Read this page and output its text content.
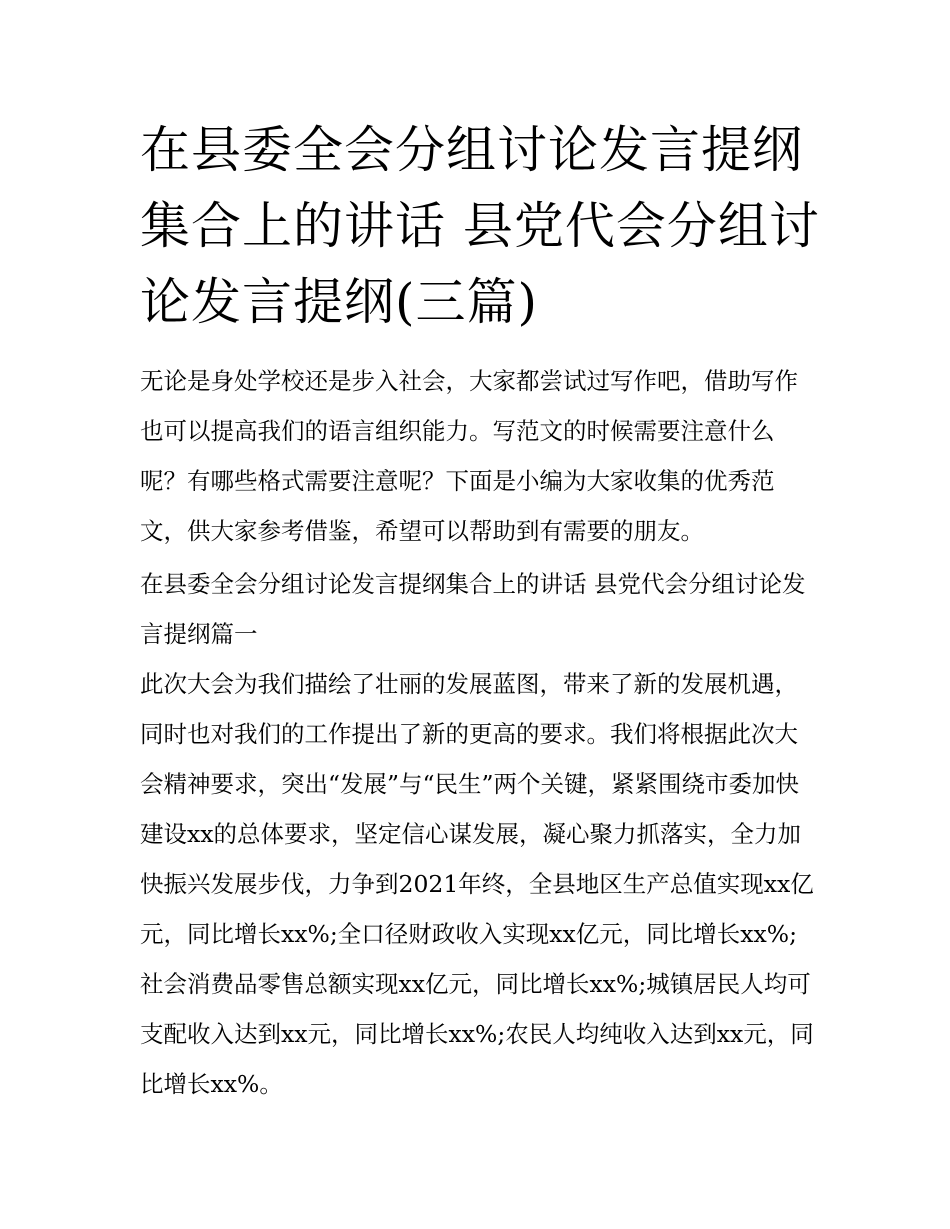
在县委全会分组讨论发言提纲集合上的讲话 县党代会分组讨论发言提纲(三篇)

无论是身处学校还是步入社会，大家都尝试过写作吧，借助写作也可以提高我们的语言组织能力。写范文的时候需要注意什么呢？有哪些格式需要注意呢？下面是小编为大家收集的优秀范文，供大家参考借鉴，希望可以帮助到有需要的朋友。

在县委全会分组讨论发言提纲集合上的讲话 县党代会分组讨论发言提纲篇一

此次大会为我们描绘了壮丽的发展蓝图，带来了新的发展机遇，同时也对我们的工作提出了新的更高的要求。我们将根据此次大会精神要求，突出“发展”与“民生”两个关键，紧紧围绕市委加快建设xx的总体要求，坚定信心谋发展，凝心聚力抓落实，全力加快振兴发展步伐，力争到2021年终，全县地区生产总值实现xx亿元，同比增长xx%;全口径财政收入实现xx亿元，同比增长xx%;社会消费品零售总额实现xx亿元，同比增长xx%;城镇居民人均可支配收入达到xx元，同比增长xx%;农民人均纯收入达到xx元，同比增长xx%。
